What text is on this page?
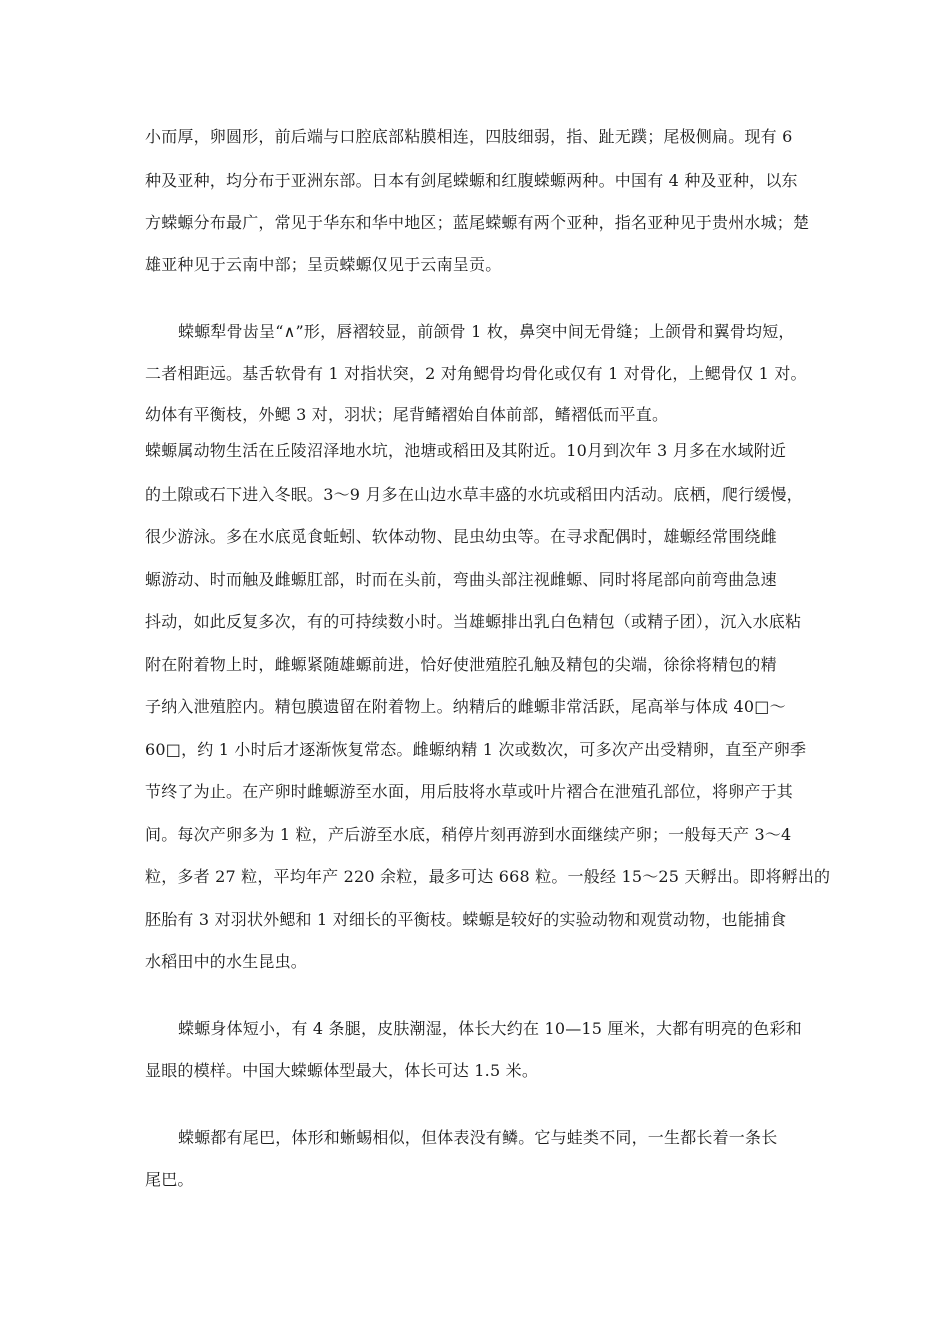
小而厚，卵圆形，前后端与口腔底部粘膜相连，四肢细弱，指、趾无蹼；尾极侧扁。现有 6
种及亚种，均分布于亚洲东部。日本有剑尾蝾螈和红腹蝾螈两种。中国有 4 种及亚种，以东
方蝾螈分布最广，常见于华东和华中地区；蓝尾蝾螈有两个亚种，指名亚种见于贵州水城；楚
雄亚种见于云南中部；呈贡蝾螈仅见于云南呈贡。
蝾螈犁骨齿呈“∧”形，唇褶较显，前颌骨 1 枚，鼻突中间无骨缝；上颌骨和翼骨均短，
二者相距远。基舌软骨有 1 对指状突，2 对角鳃骨均骨化或仅有 1 对骨化，上鳃骨仅 1 对。
幼体有平衡枝，外鳃 3 对，羽状；尾背鳍褶始自体前部，鳍褶低而平直。
蝾螈属动物生活在丘陵沼泽地水坑，池塘或稻田及其附近。10月到次年 3 月多在水域附近
的土隙或石下进入冬眠。3～9 月多在山边水草丰盛的水坑或稻田内活动。底栖，爬行缓慢，
很少游泳。多在水底觅食蚯蚓、软体动物、昆虫幼虫等。在寻求配偶时，雄螈经常围绕雌
螈游动、时而触及雌螈肛部，时而在头前，弯曲头部注视雌螈、同时将尾部向前弯曲急速
抖动，如此反复多次，有的可持续数小时。当雄螈排出乳白色精包（或精子团），沉入水底粘
附在附着物上时，雌螈紧随雄螈前进，恰好使泄殖腔孔触及精包的尖端，徐徐将精包的精
子纳入泄殖腔内。精包膜遗留在附着物上。纳精后的雌螈非常活跃，尾高举与体成 40□～
60□，约 1 小时后才逐渐恢复常态。雌螈纳精 1 次或数次，可多次产出受精卵，直至产卵季
节终了为止。在产卵时雌螈游至水面，用后肢将水草或叶片褶合在泄殖孔部位，将卵产于其
间。每次产卵多为 1 粒，产后游至水底，稍停片刻再游到水面继续产卵；一般每天产 3～4
粒，多者 27 粒，平均年产 220 余粒，最多可达 668 粒。一般经 15～25 天孵出。即将孵出的
胚胎有 3 对羽状外鳃和 1 对细长的平衡枝。蝾螈是较好的实验动物和观赏动物，也能捕食
水稻田中的水生昆虫。
蝾螈身体短小，有 4 条腿，皮肤潮湿，体长大约在 10—15 厘米，大都有明亮的色彩和
显眼的模样。中国大蝾螈体型最大，体长可达 1.5 米。
蝾螈都有尾巴，体形和蜥蜴相似，但体表没有鳞。它与蛙类不同，一生都长着一条长
尾巴。
